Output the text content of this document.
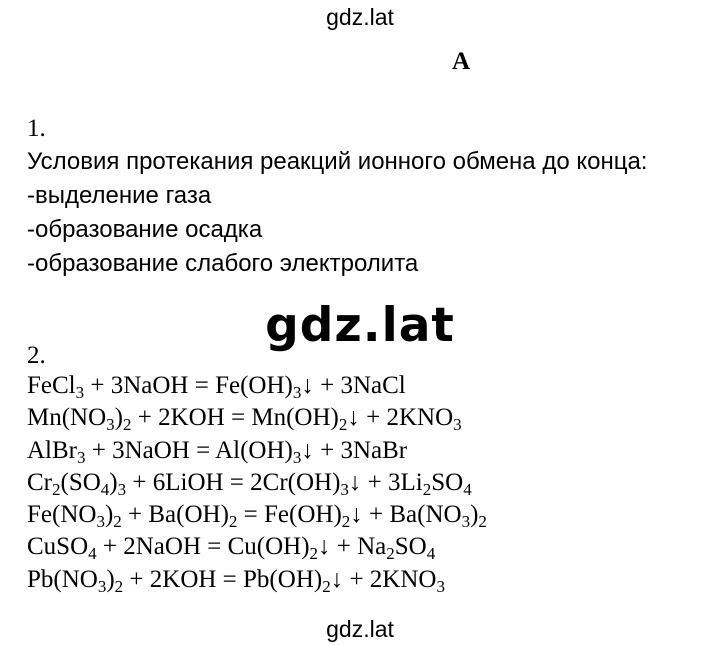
gdz.lat
А
1.
Условия протекания реакций ионного обмена до конца:
-выделение газа
-образование осадка
-образование слабого электролита
gdz.lat
2.
FeCl$_3$ + 3NaOH = $Fe(OH)_3↓$ + 3NaCl
$Mn(NO_3)_2 + 2KOH$ = $Mn(OH)_2↓ + 2KNO_3$
AlBr$_3$ + 3NaOH = $Al(OH)_3↓$ + 3NaBr
$Cr_2(SO_4)_3$ + 6LiOH = $2Cr(OH)_3↓ + 3Li_2SO_4$
$Fe(NO_3)_2 + Ba(OH)_2$ = $Fe(OH)_2↓ + Ba(NO_3)_2$
CuSO$_4$ + 2NaOH = $Cu(OH)_2↓ + Na_2SO_4$
$Pb(NO_3)_2 + 2KOH$ = $Pb(OH)_2↓ + 2KNO_3$
gdz.lat
